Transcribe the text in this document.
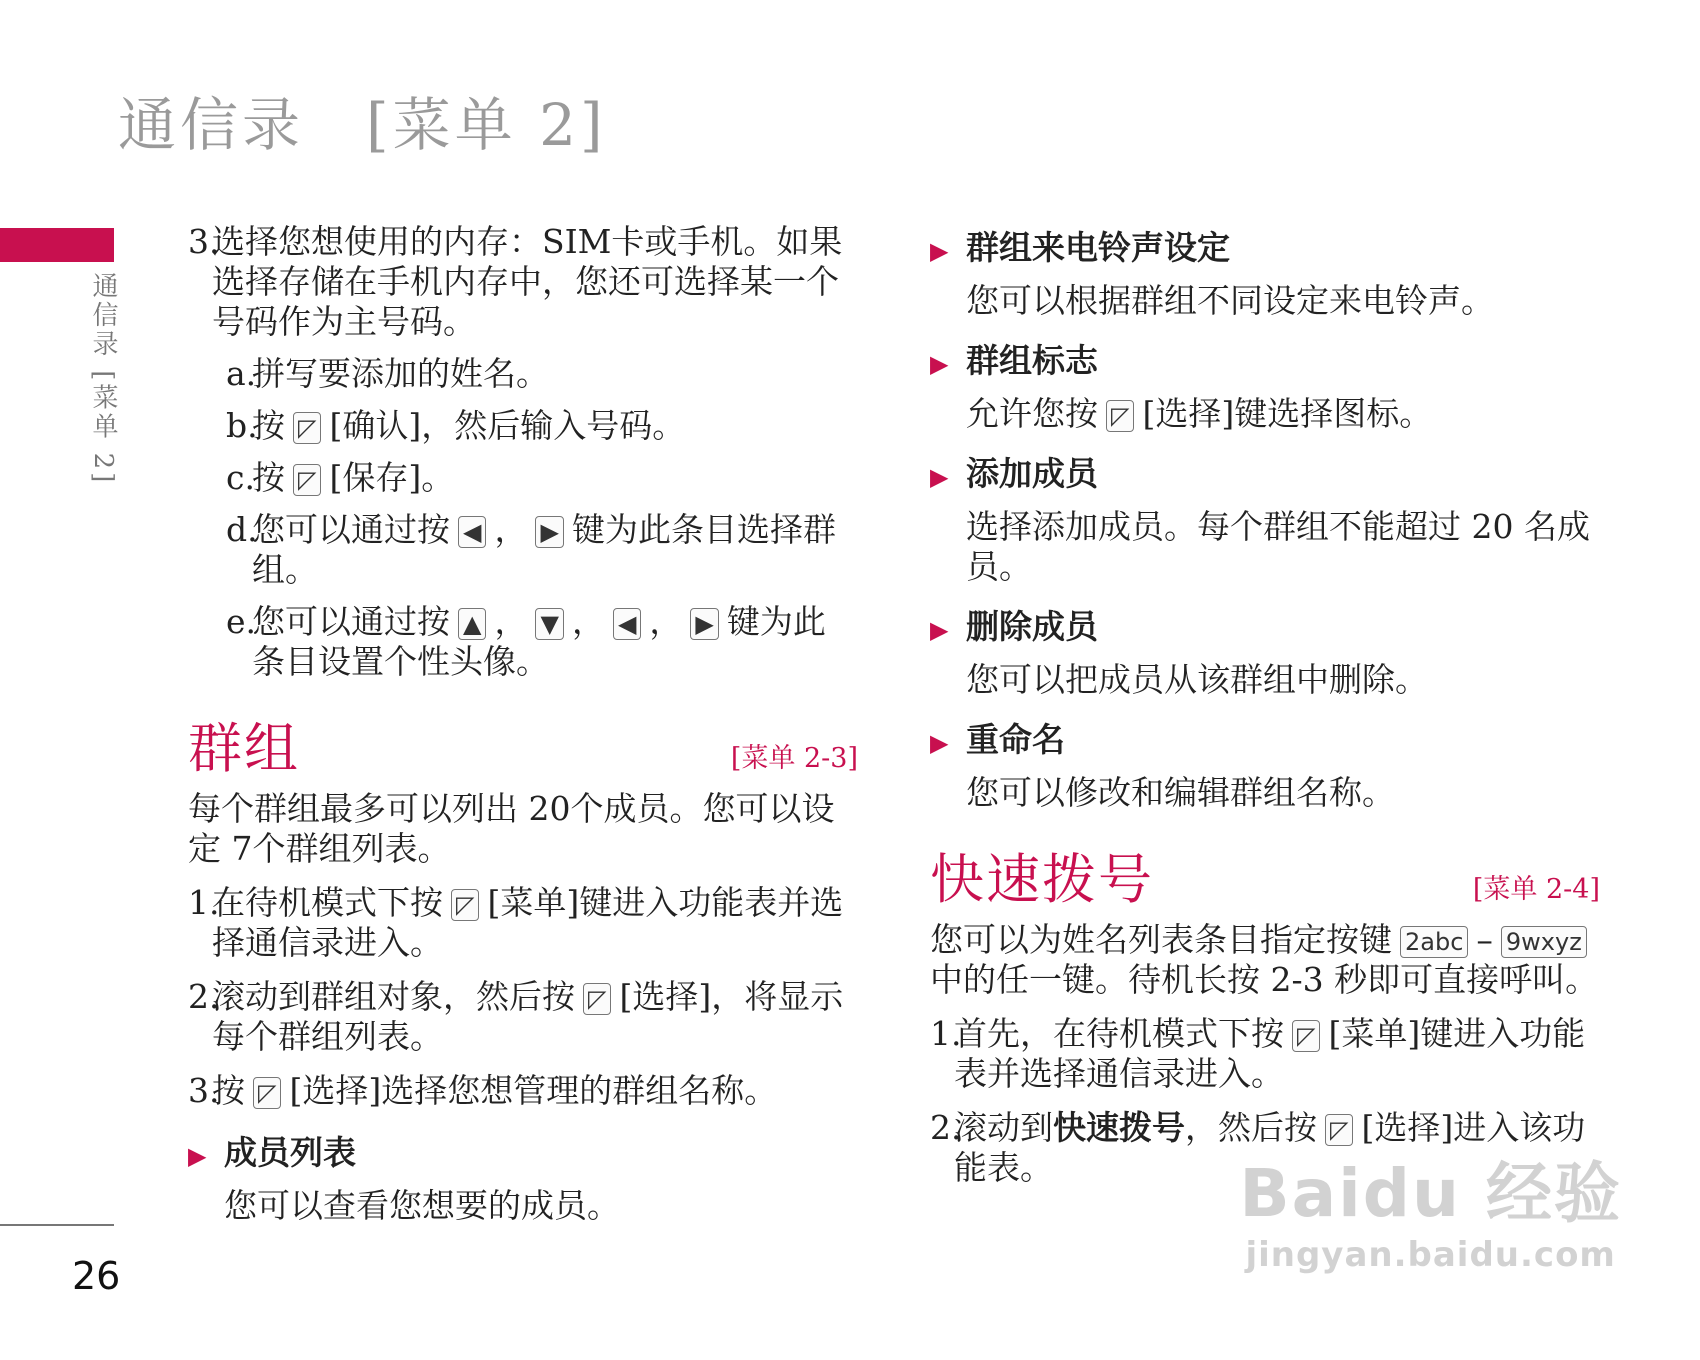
通信录　[菜单 2]
通信录 [菜单 2]
26
3.
选择您想使用的内存：SIM卡或手机。如果选择存储在手机内存中，您还可选择某一个号码作为主号码。
a.
拼写要添加的姓名。
b.
按 ◸ [确认]，然后输入号码。
c.
按 ◸ [保存]。
d.
您可以通过按 ◀ ， ▶ 键为此条目选择群组。
e.
您可以通过按 ▲ ， ▼ ， ◀ ， ▶ 键为此条目设置个性头像。
群组	[菜单 2-3]

每个群组最多可以列出 20个成员。您可以设定 7个群组列表。

1.
在待机模式下按 ◸ [菜单]键进入功能表并选择通信录进入。
2.
滚动到群组对象，然后按 ◸ [选择]，将显示每个群组列表。
3.
按 ◸ [选择]选择您想管理的群组名称。
▶ 成员列表

您可以查看您想要的成员。

▶ 群组来电铃声设定

您可以根据群组不同设定来电铃声。

▶ 群组标志

允许您按 ◸ [选择]键选择图标。

▶ 添加成员

选择添加成员。每个群组不能超过 20 名成员。

▶ 删除成员

您可以把成员从该群组中删除。

▶ 重命名

您可以修改和编辑群组名称。

快速拨号	[菜单 2-4]

您可以为姓名列表条目指定按键 2abc – 9wxyz中的任一键。待机长按 2-3 秒即可直接呼叫。

1.
首先，在待机模式下按 ◸ [菜单]键进入功能表并选择通信录进入。
2.
滚动到快速拨号，然后按 ◸ [选择]进入该功能表。	Baidu 经验
jingyan.baidu.com
